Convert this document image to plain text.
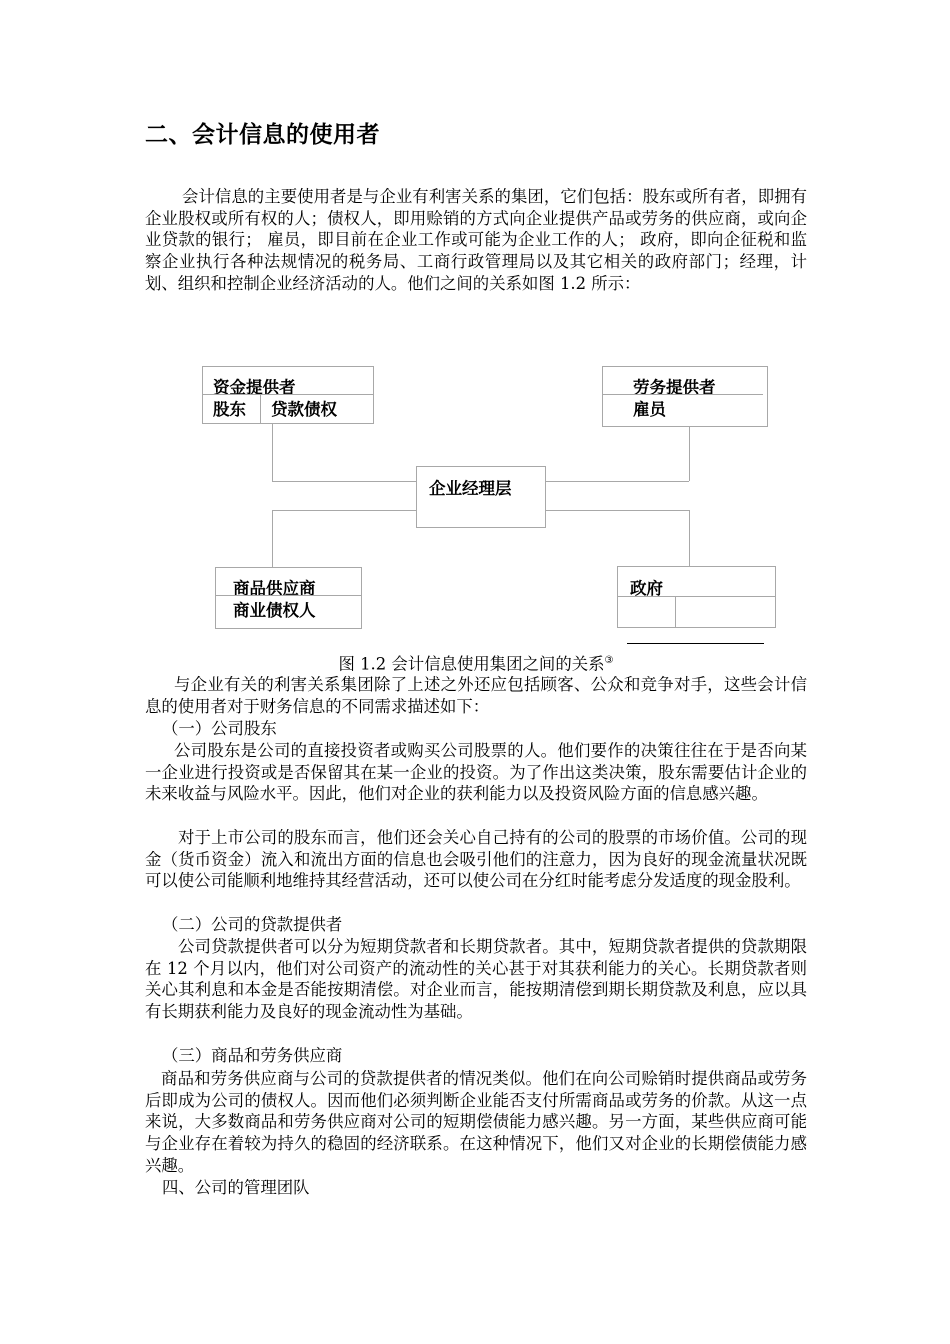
二、会计信息的使用者

会计信息的主要使用者是与企业有利害关系的集团，它们包括：股东或所有者，即拥有企业股权或所有权的人；债权人，即用赊销的方式向企业提供产品或劳务的供应商，或向企业贷款的银行； 雇员，即目前在企业工作或可能为企业工作的人； 政府，即向企征税和监察企业执行各种法规情况的税务局、工商行政管理局以及其它相关的政府部门；经理，计划、组织和控制企业经济活动的人。他们之间的关系如图 1.2 所示：

资金提供者
股东 贷款债权
劳务提供者
雇员
企业经理层
商品供应商
商业债权人
政府

图 1.2 会计信息使用集团之间的关系③

与企业有关的利害关系集团除了上述之外还应包括顾客、公众和竞争对手，这些会计信息的使用者对于财务信息的不同需求描述如下：

（一）公司股东

公司股东是公司的直接投资者或购买公司股票的人。他们要作的决策往往在于是否向某一企业进行投资或是否保留其在某一企业的投资。为了作出这类决策，股东需要估计企业的未来收益与风险水平。因此，他们对企业的获利能力以及投资风险方面的信息感兴趣。

对于上市公司的股东而言，他们还会关心自己持有的公司的股票的市场价值。公司的现金（货币资金）流入和流出方面的信息也会吸引他们的注意力，因为良好的现金流量状况既可以使公司能顺利地维持其经营活动，还可以使公司在分红时能考虑分发适度的现金股利。

（二）公司的贷款提供者

公司贷款提供者可以分为短期贷款者和长期贷款者。其中，短期贷款者提供的贷款期限在 12 个月以内，他们对公司资产的流动性的关心甚于对其获利能力的关心。长期贷款者则关心其利息和本金是否能按期清偿。对企业而言，能按期清偿到期长期贷款及利息，应以具有长期获利能力及良好的现金流动性为基础。

（三）商品和劳务供应商

商品和劳务供应商与公司的贷款提供者的情况类似。他们在向公司赊销时提供商品或劳务后即成为公司的债权人。因而他们必须判断企业能否支付所需商品或劳务的价款。从这一点来说，大多数商品和劳务供应商对公司的短期偿债能力感兴趣。另一方面，某些供应商可能与企业存在着较为持久的稳固的经济联系。在这种情况下，他们又对企业的长期偿债能力感兴趣。

四、公司的管理团队
